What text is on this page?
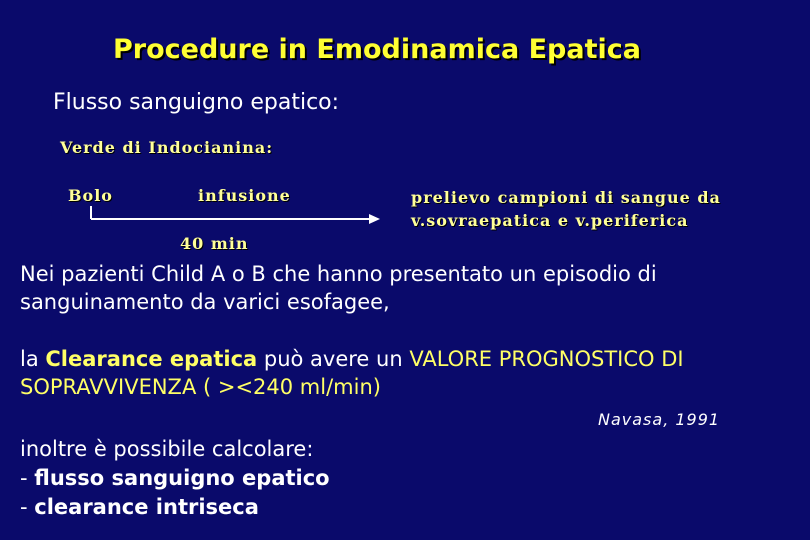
Procedure in Emodinamica Epatica
Flusso sanguigno epatico:
Verde di Indocianina:
Bolo	infusione
40 min
prelievo campioni di sangue da
v.sovraepatica e v.periferica
Nei pazienti Child A o B che hanno presentato un episodio di
sanguinamento da varici esofagee,
la Clearance epatica può avere un VALORE PROGNOSTICO DI
SOPRAVVIVENZA ( ><240 ml/min)
Navasa, 1991
inoltre è possibile calcolare:
- flusso sanguigno epatico
- clearance intriseca
